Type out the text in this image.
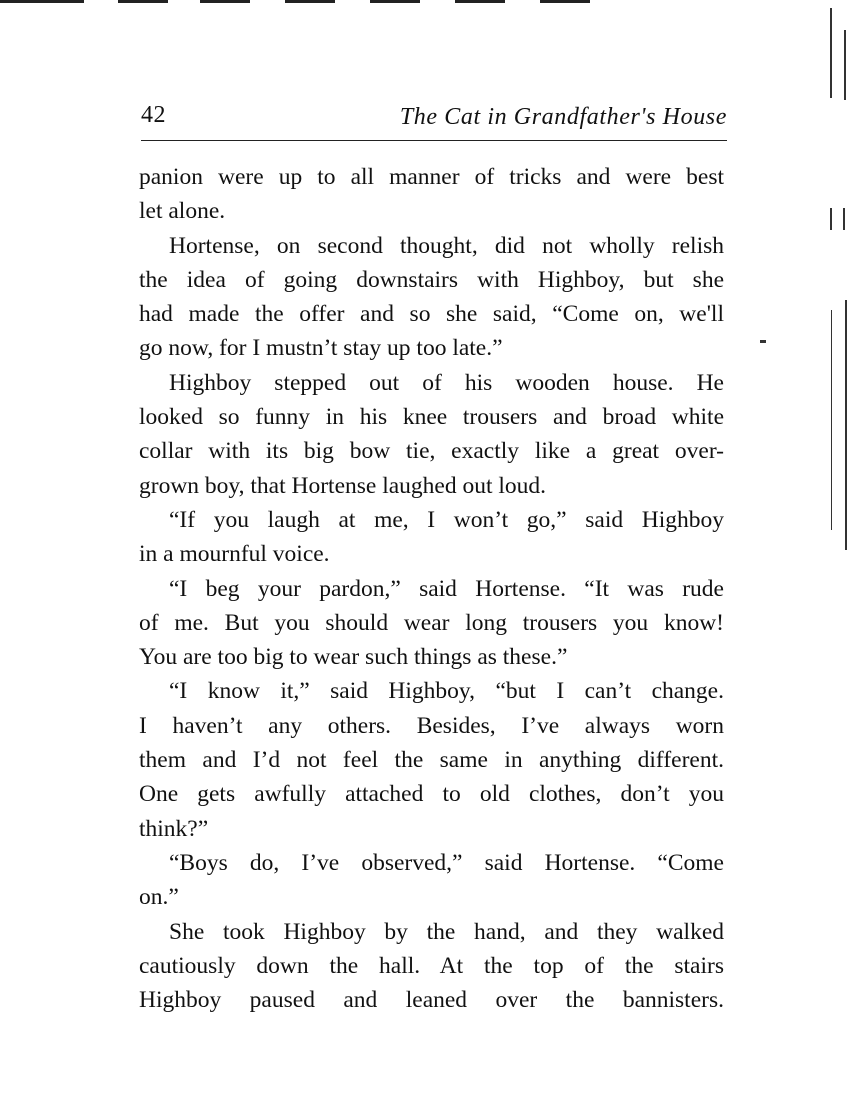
42	The Cat in Grandfather's House
panion were up to all manner of tricks and were best
let alone.
Hortense, on second thought, did not wholly relish
the idea of going downstairs with Highboy, but she
had made the offer and so she said, “Come on, we'll
go now, for I mustn’t stay up too late.”
Highboy stepped out of his wooden house. He
looked so funny in his knee trousers and broad white
collar with its big bow tie, exactly like a great over-
grown boy, that Hortense laughed out loud.
“If you laugh at me, I won’t go,” said Highboy
in a mournful voice.
“I beg your pardon,” said Hortense. “It was rude
of me. But you should wear long trousers you know!
You are too big to wear such things as these.”
“I know it,” said Highboy, “but I can’t change.
I haven’t any others. Besides, I’ve always worn
them and I’d not feel the same in anything different.
One gets awfully attached to old clothes, don’t you
think?”
“Boys do, I’ve observed,” said Hortense. “Come
on.”
She took Highboy by the hand, and they walked
cautiously down the hall. At the top of the stairs
Highboy paused and leaned over the bannisters.
